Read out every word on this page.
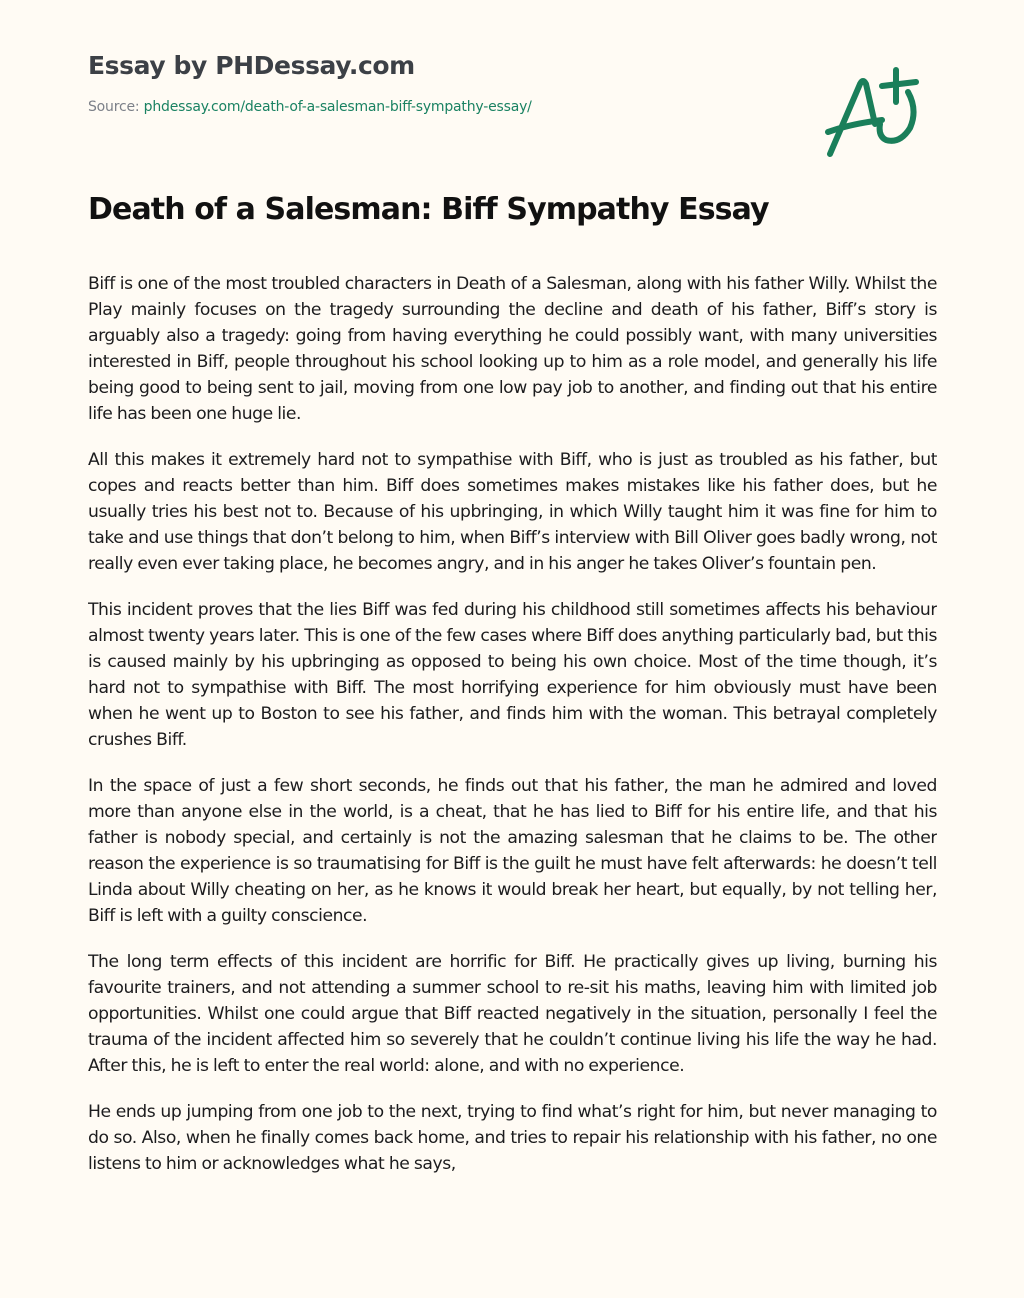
Essay by PHDessay.com
Source: phdessay.com/death-of-a-salesman-biff-sympathy-essay/
Death of a Salesman: Biff Sympathy Essay

Biff is one of the most troubled characters in Death of a Salesman, along with his father Willy. Whilst the Play mainly focuses on the tragedy surrounding the decline and death of his father, Biff’s story is arguably also a tragedy: going from having everything he could possibly want, with many universities interested in Biff, people throughout his school looking up to him as a role model, and generally his life being good to being sent to jail, moving from one low pay job to another, and finding out that his entire life has been one huge lie.

All this makes it extremely hard not to sympathise with Biff, who is just as troubled as his father, but copes and reacts better than him. Biff does sometimes makes mistakes like his father does, but he usually tries his best not to. Because of his upbringing, in which Willy taught him it was fine for him to take and use things that don’t belong to him, when Biff’s interview with Bill Oliver goes badly wrong, not really even ever taking place, he becomes angry, and in his anger he takes Oliver’s fountain pen.

This incident proves that the lies Biff was fed during his childhood still sometimes affects his behaviour almost twenty years later. This is one of the few cases where Biff does anything particularly bad, but this is caused mainly by his upbringing as opposed to being his own choice. Most of the time though, it’s hard not to sympathise with Biff. The most horrifying experience for him obviously must have been when he went up to Boston to see his father, and finds him with the woman. This betrayal completely crushes Biff.

In the space of just a few short seconds, he finds out that his father, the man he admired and loved more than anyone else in the world, is a cheat, that he has lied to Biff for his entire life, and that his father is nobody special, and certainly is not the amazing salesman that he claims to be. The other reason the experience is so traumatising for Biff is the guilt he must have felt afterwards: he doesn’t tell Linda about Willy cheating on her, as he knows it would break her heart, but equally, by not telling her, Biff is left with a guilty conscience.

The long term effects of this incident are horrific for Biff. He practically gives up living, burning his favourite trainers, and not attending a summer school to re-sit his maths, leaving him with limited job opportunities. Whilst one could argue that Biff reacted negatively in the situation, personally I feel the trauma of the incident affected him so severely that he couldn’t continue living his life the way he had. After this, he is left to enter the real world: alone, and with no experience.

He ends up jumping from one job to the next, trying to find what’s right for him, but never managing to do so. Also, when he finally comes back home, and tries to repair his relationship with his father, no one listens to him or acknowledges what he says,
